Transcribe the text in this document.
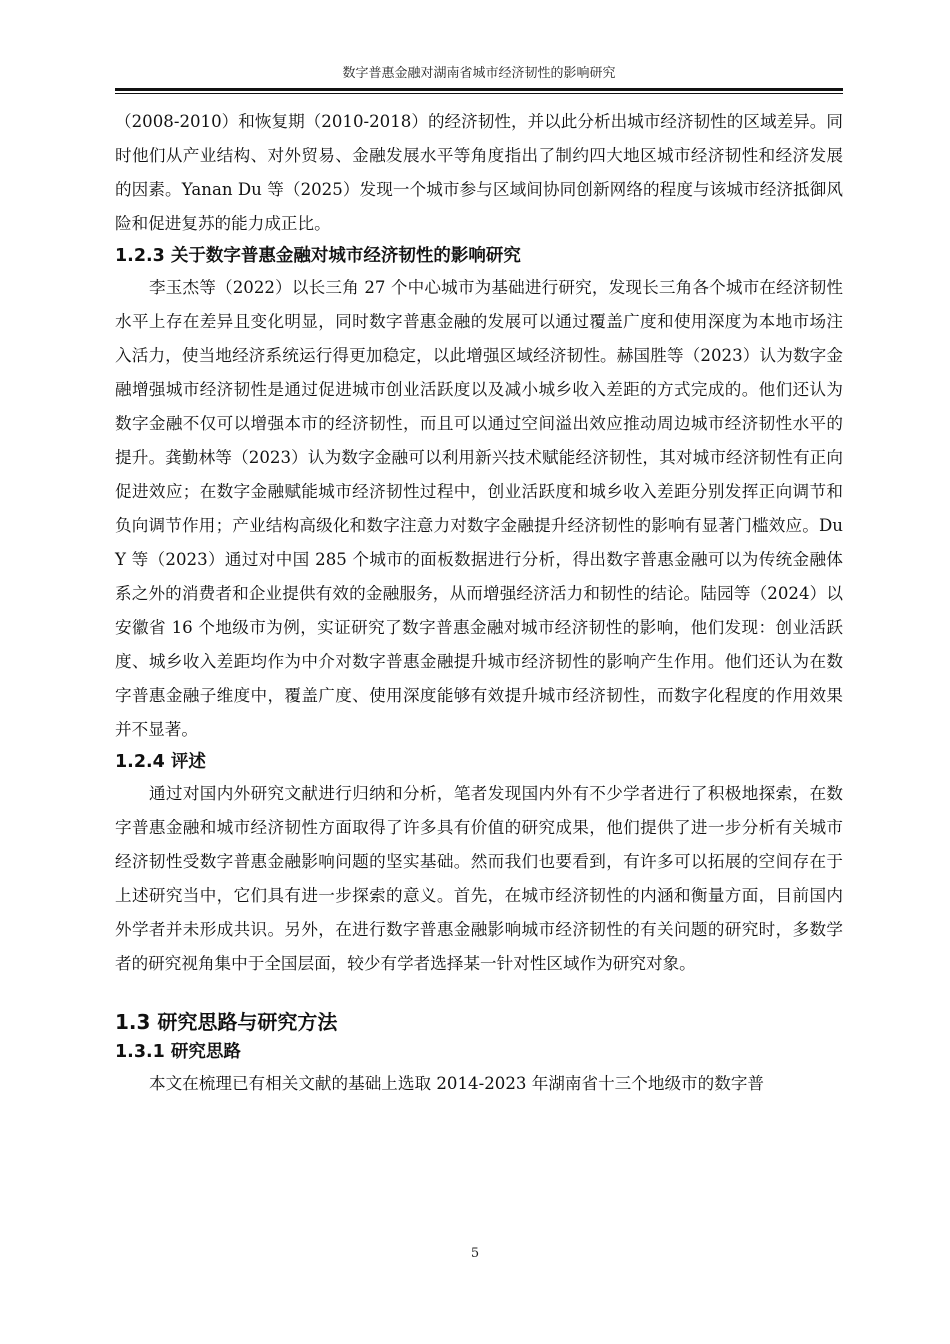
数字普惠金融对湖南省城市经济韧性的影响研究

（2008-2010）和恢复期（2010-2018）的经济韧性，并以此分析出城市经济韧性的区域差异。同时他们从产业结构、对外贸易、金融发展水平等角度指出了制约四大地区城市经济韧性和经济发展的因素。Yanan Du 等（2025）发现一个城市参与区域间协同创新网络的程度与该城市经济抵御风险和促进复苏的能力成正比。

1.2.3 关于数字普惠金融对城市经济韧性的影响研究

李玉杰等（2022）以长三角 27 个中心城市为基础进行研究，发现长三角各个城市在经济韧性水平上存在差异且变化明显，同时数字普惠金融的发展可以通过覆盖广度和使用深度为本地市场注入活力，使当地经济系统运行得更加稳定，以此增强区域经济韧性。赫国胜等（2023）认为数字金融增强城市经济韧性是通过促进城市创业活跃度以及减小城乡收入差距的方式完成的。他们还认为数字金融不仅可以增强本市的经济韧性，而且可以通过空间溢出效应推动周边城市经济韧性水平的提升。龚勤林等（2023）认为数字金融可以利用新兴技术赋能经济韧性，其对城市经济韧性有正向促进效应；在数字金融赋能城市经济韧性过程中，创业活跃度和城乡收入差距分别发挥正向调节和负向调节作用；产业结构高级化和数字注意力对数字金融提升经济韧性的影响有显著门槛效应。Du Y 等（2023）通过对中国 285 个城市的面板数据进行分析，得出数字普惠金融可以为传统金融体系之外的消费者和企业提供有效的金融服务，从而增强经济活力和韧性的结论。陆园等（2024）以安徽省 16 个地级市为例，实证研究了数字普惠金融对城市经济韧性的影响，他们发现：创业活跃度、城乡收入差距均作为中介对数字普惠金融提升城市经济韧性的影响产生作用。他们还认为在数字普惠金融子维度中，覆盖广度、使用深度能够有效提升城市经济韧性，而数字化程度的作用效果并不显著。

1.2.4 评述

通过对国内外研究文献进行归纳和分析，笔者发现国内外有不少学者进行了积极地探索，在数字普惠金融和城市经济韧性方面取得了许多具有价值的研究成果，他们提供了进一步分析有关城市经济韧性受数字普惠金融影响问题的坚实基础。然而我们也要看到，有许多可以拓展的空间存在于上述研究当中，它们具有进一步探索的意义。首先，在城市经济韧性的内涵和衡量方面，目前国内外学者并未形成共识。另外，在进行数字普惠金融影响城市经济韧性的有关问题的研究时，多数学者的研究视角集中于全国层面，较少有学者选择某一针对性区域作为研究对象。

1.3 研究思路与研究方法
1.3.1 研究思路

本文在梳理已有相关文献的基础上选取 2014-2023 年湖南省十三个地级市的数字普

5
